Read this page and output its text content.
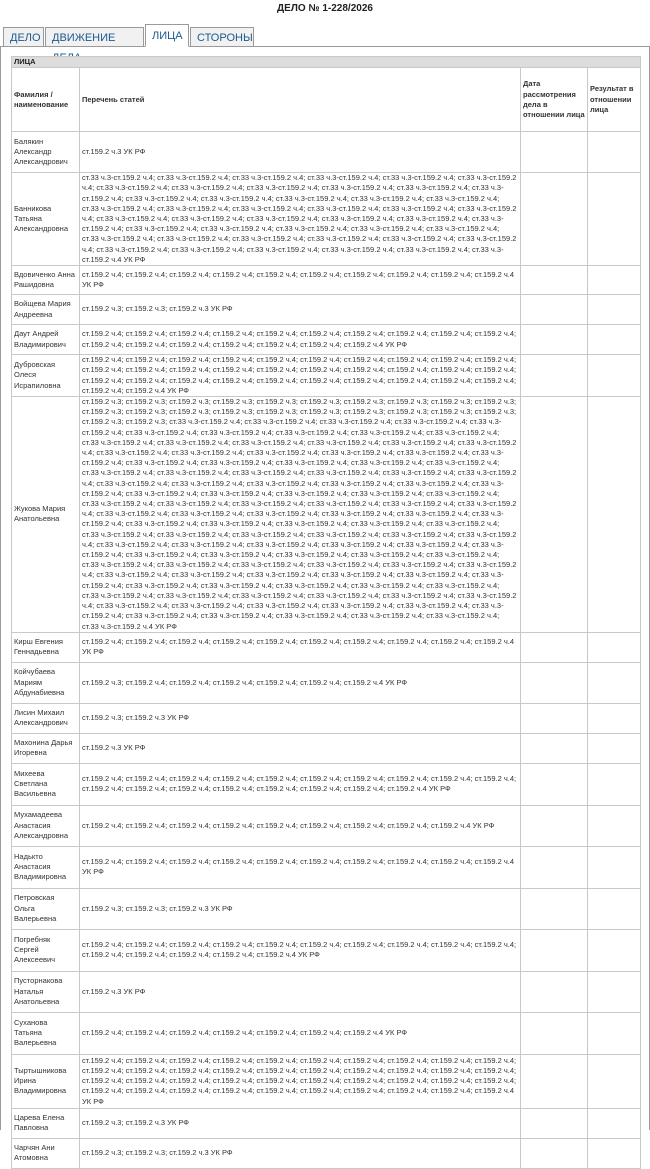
ДЕЛО № 1-228/2026
ДЕЛО	ДВИЖЕНИЕ	ЛИЦА	СТОРОНЫ
ЛИЦА			
Фамилия / наименование	Перечень статей	Дата рассмотрения дела в отношении лица	Результат в отношении лица
Балякин Александр Александрович	ст.159.2 ч.3 УК РФ		
Банникова Татьяна Александровна	ст.33 ч.3-ст.159.2 ч.4; ст.33 ч.3-ст.159.2 ч.4; ст.33 ч.3-ст.159.2 ч.4; ст.33 ч.3-ст.159.2 ч.4; ст.33 ч.3-ст.159.2 ч.4; ст.33 ч.3-ст.159.2 ч.4; ст.33 ч.3-ст.159.2 ч.4; ст.33 ч.3-ст.159.2 ч.4; ст.33 ч.3-ст.159.2 ч.4; ст.33 ч.3-ст.159.2 ч.4; ст.33 ч.3-ст.159.2 ч.4; ст.33 ч.3-ст.159.2 ч.4; ст.33 ч.3-ст.159.2 ч.4; ст.33 ч.3-ст.159.2 ч.4; ст.33 ч.3-ст.159.2 ч.4; ст.33 ч.3-ст.159.2 ч.4; ст.33 ч.3-ст.159.2 ч.4; ст.33 ч.3-ст.159.2 ч.4; ст.33 ч.3-ст.159.2 ч.4; ст.33 ч.3-ст.159.2 ч.4; ст.33 ч.3-ст.159.2 ч.4; ст.33 ч.3-ст.159.2 ч.4; ст.33 ч.3-ст.159.2 ч.4; ст.33 ч.3-ст.159.2 ч.4; ст.33 ч.3-ст.159.2 ч.4; ст.33 ч.3-ст.159.2 ч.4; ст.33 ч.3-ст.159.2 ч.4; ст.33 ч.3-ст.159.2 ч.4; ст.33 ч.3-ст.159.2 ч.4; ст.33 ч.3-ст.159.2 ч.4; ст.33 ч.3-ст.159.2 ч.4; ст.33 ч.3-ст.159.2 ч.4; ст.33 ч.3-ст.159.2 ч.4; ст.33 ч.3-ст.159.2 ч.4; ст.33 ч.3-ст.159.2 ч.4; ст.33 ч.3-ст.159.2 ч.4; ст.33 ч.3-ст.159.2 ч.4; ст.33 ч.3-ст.159.2 ч.4; ст.33 ч.3-ст.159.2 ч.4; ст.33 ч.3-ст.159.2 ч.4; ст.33 ч.3-ст.159.2 ч.4; ст.33 ч.3-ст.159.2 ч.4; ст.33 ч.3-ст.159.2 ч.4; ст.33 ч.3-ст.159.2 ч.4; ст.33 ч.3-ст.159.2 ч.4; ст.33 ч.3-ст.159.2 ч.4 УК РФ		
Вдовиченко Анна Рашидовна	ст.159.2 ч.4; ст.159.2 ч.4; ст.159.2 ч.4; ст.159.2 ч.4; ст.159.2 ч.4; ст.159.2 ч.4; ст.159.2 ч.4; ст.159.2 ч.4; ст.159.2 ч.4; ст.159.2 ч.4 УК РФ		
Войщева Мария Андреевна	ст.159.2 ч.3; ст.159.2 ч.3; ст.159.2 ч.3 УК РФ		
Даут Андрей Владимирович	ст.159.2 ч.4; ст.159.2 ч.4; ст.159.2 ч.4; ст.159.2 ч.4; ст.159.2 ч.4; ст.159.2 ч.4; ст.159.2 ч.4; ст.159.2 ч.4; ст.159.2 ч.4; ст.159.2 ч.4; ст.159.2 ч.4; ст.159.2 ч.4; ст.159.2 ч.4; ст.159.2 ч.4; ст.159.2 ч.4; ст.159.2 ч.4; ст.159.2 ч.4 УК РФ		
Дубровская Олеся Исрапиловна	ст.159.2 ч.4; ст.159.2 ч.4; ст.159.2 ч.4; ст.159.2 ч.4; ст.159.2 ч.4; ст.159.2 ч.4; ст.159.2 ч.4; ст.159.2 ч.4; ст.159.2 ч.4; ст.159.2 ч.4; ст.159.2 ч.4; ст.159.2 ч.4; ст.159.2 ч.4; ст.159.2 ч.4; ст.159.2 ч.4; ст.159.2 ч.4; ст.159.2 ч.4; ст.159.2 ч.4; ст.159.2 ч.4; ст.159.2 ч.4; ст.159.2 ч.4; ст.159.2 ч.4; ст.159.2 ч.4; ст.159.2 ч.4; ст.159.2 ч.4; ст.159.2 ч.4; ст.159.2 ч.4; ст.159.2 ч.4; ст.159.2 ч.4; ст.159.2 ч.4; ст.159.2 ч.4; ст.159.2 ч.4 УК РФ		
Жукова Мария Анатольевна	ст.159.2 ч.3; ст.159.2 ч.3; ст.159.2 ч.3; ст.159.2 ч.3; ст.159.2 ч.3; ст.159.2 ч.3; ст.159.2 ч.3; ст.159.2 ч.3; ст.159.2 ч.3; ст.159.2 ч.3; ст.159.2 ч.3; ст.159.2 ч.3; ст.159.2 ч.3; ст.159.2 ч.3; ст.159.2 ч.3; ст.159.2 ч.3; ст.159.2 ч.3; ст.159.2 ч.3; ст.159.2 ч.3; ст.159.2 ч.3; ст.159.2 ч.3; ст.159.2 ч.3; ст.33 ч.3-ст.159.2 ч.4; ст.33 ч.3-ст.159.2 ч.4; ст.33 ч.3-ст.159.2 ч.4; ст.33 ч.3-ст.159.2 ч.4; ст.33 ч.3-ст.159.2 ч.4; ст.33 ч.3-ст.159.2 ч.4; ст.33 ч.3-ст.159.2 ч.4; ст.33 ч.3-ст.159.2 ч.4; ст.33 ч.3-ст.159.2 ч.4; ст.33 ч.3-ст.159.2 ч.4; ст.33 ч.3-ст.159.2 ч.4; ст.33 ч.3-ст.159.2 ч.4; ст.33 ч.3-ст.159.2 ч.4; ст.33 ч.3-ст.159.2 ч.4; ст.33 ч.3-ст.159.2 ч.4; ст.33 ч.3-ст.159.2 ч.4; ст.33 ч.3-ст.159.2 ч.4; ст.33 ч.3-ст.159.2 ч.4; ст.33 ч.3-ст.159.2 ч.4; ст.33 ч.3-ст.159.2 ч.4; ст.33 ч.3-ст.159.2 ч.4; ст.33 ч.3-ст.159.2 ч.4; ст.33 ч.3-ст.159.2 ч.4; ст.33 ч.3-ст.159.2 ч.4; ст.33 ч.3-ст.159.2 ч.4; ст.33 ч.3-ст.159.2 ч.4; ст.33 ч.3-ст.159.2 ч.4; ст.33 ч.3-ст.159.2 ч.4; ст.33 ч.3-ст.159.2 ч.4; ст.33 ч.3-ст.159.2 ч.4; ст.33 ч.3-ст.159.2 ч.4; ст.33 ч.3-ст.159.2 ч.4; ст.33 ч.3-ст.159.2 ч.4; ст.33 ч.3-ст.159.2 ч.4; ст.33 ч.3-ст.159.2 ч.4; ст.33 ч.3-ст.159.2 ч.4; ст.33 ч.3-ст.159.2 ч.4; ст.33 ч.3-ст.159.2 ч.4; ст.33 ч.3-ст.159.2 ч.4; ст.33 ч.3-ст.159.2 ч.4; ст.33 ч.3-ст.159.2 ч.4; ст.33 ч.3-ст.159.2 ч.4; ст.33 ч.3-ст.159.2 ч.4; ст.33 ч.3-ст.159.2 ч.4; ст.33 ч.3-ст.159.2 ч.4; ст.33 ч.3-ст.159.2 ч.4; ст.33 ч.3-ст.159.2 ч.4; ст.33 ч.3-ст.159.2 ч.4; ст.33 ч.3-ст.159.2 ч.4; ст.33 ч.3-ст.159.2 ч.4; ст.33 ч.3-ст.159.2 ч.4; ст.33 ч.3-ст.159.2 ч.4; ст.33 ч.3-ст.159.2 ч.4; ст.33 ч.3-ст.159.2 ч.4; ст.33 ч.3-ст.159.2 ч.4; ст.33 ч.3-ст.159.2 ч.4; ст.33 ч.3-ст.159.2 ч.4; ст.33 ч.3-ст.159.2 ч.4; ст.33 ч.3-ст.159.2 ч.4; ст.33 ч.3-ст.159.2 ч.4; ст.33 ч.3-ст.159.2 ч.4; ст.33 ч.3-ст.159.2 ч.4; ст.33 ч.3-ст.159.2 ч.4; ст.33 ч.3-ст.159.2 ч.4; ст.33 ч.3-ст.159.2 ч.4; ст.33 ч.3-ст.159.2 ч.4; ст.33 ч.3-ст.159.2 ч.4; ст.33 ч.3-ст.159.2 ч.4; ст.33 ч.3-ст.159.2 ч.4; ст.33 ч.3-ст.159.2 ч.4; ст.33 ч.3-ст.159.2 ч.4; ст.33 ч.3-ст.159.2 ч.4; ст.33 ч.3-ст.159.2 ч.4; ст.33 ч.3-ст.159.2 ч.4; ст.33 ч.3-ст.159.2 ч.4; ст.33 ч.3-ст.159.2 ч.4; ст.33 ч.3-ст.159.2 ч.4; ст.33 ч.3-ст.159.2 ч.4; ст.33 ч.3-ст.159.2 ч.4; ст.33 ч.3-ст.159.2 ч.4; ст.33 ч.3-ст.159.2 ч.4; ст.33 ч.3-ст.159.2 ч.4; ст.33 ч.3-ст.159.2 ч.4; ст.33 ч.3-ст.159.2 ч.4; ст.33 ч.3-ст.159.2 ч.4; ст.33 ч.3-ст.159.2 ч.4; ст.33 ч.3-ст.159.2 ч.4; ст.33 ч.3-ст.159.2 ч.4; ст.33 ч.3-ст.159.2 ч.4; ст.33 ч.3-ст.159.2 ч.4; ст.33 ч.3-ст.159.2 ч.4; ст.33 ч.3-ст.159.2 ч.4; ст.33 ч.3-ст.159.2 ч.4; ст.33 ч.3-ст.159.2 ч.4; ст.33 ч.3-ст.159.2 ч.4; ст.33 ч.3-ст.159.2 ч.4; ст.33 ч.3-ст.159.2 ч.4; ст.33 ч.3-ст.159.2 ч.4; ст.33 ч.3-ст.159.2 ч.4; ст.33 ч.3-ст.159.2 ч.4; ст.33 ч.3-ст.159.2 ч.4; ст.33 ч.3-ст.159.2 ч.4; ст.33 ч.3-ст.159.2 ч.4; ст.33 ч.3-ст.159.2 ч.4; ст.33 ч.3-ст.159.2 ч.4; ст.33 ч.3-ст.159.2 ч.4; ст.33 ч.3-ст.159.2 ч.4; ст.33 ч.3-ст.159.2 ч.4; ст.33 ч.3-ст.159.2 ч.4; ст.33 ч.3-ст.159.2 ч.4; ст.33 ч.3-ст.159.2 ч.4; ст.33 ч.3-ст.159.2 ч.4; ст.33 ч.3-ст.159.2 ч.4 УК РФ		
Кирш Евгения Геннадьевна	ст.159.2 ч.4; ст.159.2 ч.4; ст.159.2 ч.4; ст.159.2 ч.4; ст.159.2 ч.4; ст.159.2 ч.4; ст.159.2 ч.4; ст.159.2 ч.4; ст.159.2 ч.4; ст.159.2 ч.4 УК РФ		
Койчубаева Мариям Абдунабиевна	ст.159.2 ч.3; ст.159.2 ч.4; ст.159.2 ч.4; ст.159.2 ч.4; ст.159.2 ч.4; ст.159.2 ч.4; ст.159.2 ч.4 УК РФ		
Лисин Михаил Александрович	ст.159.2 ч.3; ст.159.2 ч.3 УК РФ		
Махонина Дарья Игоревна	ст.159.2 ч.3 УК РФ		
Михеева Светлана Васильевна	ст.159.2 ч.4; ст.159.2 ч.4; ст.159.2 ч.4; ст.159.2 ч.4; ст.159.2 ч.4; ст.159.2 ч.4; ст.159.2 ч.4; ст.159.2 ч.4; ст.159.2 ч.4; ст.159.2 ч.4; ст.159.2 ч.4; ст.159.2 ч.4; ст.159.2 ч.4; ст.159.2 ч.4; ст.159.2 ч.4; ст.159.2 ч.4; ст.159.2 ч.4; ст.159.2 ч.4 УК РФ		
Мухамадеева Анастасия Александровна	ст.159.2 ч.4; ст.159.2 ч.4; ст.159.2 ч.4; ст.159.2 ч.4; ст.159.2 ч.4; ст.159.2 ч.4; ст.159.2 ч.4; ст.159.2 ч.4; ст.159.2 ч.4 УК РФ		
Надькто Анастасия Владимировна	ст.159.2 ч.4; ст.159.2 ч.4; ст.159.2 ч.4; ст.159.2 ч.4; ст.159.2 ч.4; ст.159.2 ч.4; ст.159.2 ч.4; ст.159.2 ч.4; ст.159.2 ч.4; ст.159.2 ч.4 УК РФ		
Петровская Ольга Валерьевна	ст.159.2 ч.3; ст.159.2 ч.3; ст.159.2 ч.3 УК РФ		
Погребняк Сергей Алексеевич	ст.159.2 ч.4; ст.159.2 ч.4; ст.159.2 ч.4; ст.159.2 ч.4; ст.159.2 ч.4; ст.159.2 ч.4; ст.159.2 ч.4; ст.159.2 ч.4; ст.159.2 ч.4; ст.159.2 ч.4; ст.159.2 ч.4; ст.159.2 ч.4; ст.159.2 ч.4; ст.159.2 ч.4; ст.159.2 ч.4 УК РФ		
Пусторнакова Наталья Анатольевна	ст.159.2 ч.3 УК РФ		
Суханова Татьяна Валерьевна	ст.159.2 ч.4; ст.159.2 ч.4; ст.159.2 ч.4; ст.159.2 ч.4; ст.159.2 ч.4; ст.159.2 ч.4; ст.159.2 ч.4 УК РФ		
Тыртышникова Ирина Владимировна	ст.159.2 ч.4; ст.159.2 ч.4; ст.159.2 ч.4; ст.159.2 ч.4; ст.159.2 ч.4; ст.159.2 ч.4; ст.159.2 ч.4; ст.159.2 ч.4; ст.159.2 ч.4; ст.159.2 ч.4; ст.159.2 ч.4; ст.159.2 ч.4; ст.159.2 ч.4; ст.159.2 ч.4; ст.159.2 ч.4; ст.159.2 ч.4; ст.159.2 ч.4; ст.159.2 ч.4; ст.159.2 ч.4; ст.159.2 ч.4; ст.159.2 ч.4; ст.159.2 ч.4; ст.159.2 ч.4; ст.159.2 ч.4; ст.159.2 ч.4; ст.159.2 ч.4; ст.159.2 ч.4; ст.159.2 ч.4; ст.159.2 ч.4; ст.159.2 ч.4; ст.159.2 ч.4; ст.159.2 ч.4; ст.159.2 ч.4; ст.159.2 ч.4; ст.159.2 ч.4; ст.159.2 ч.4; ст.159.2 ч.4; ст.159.2 ч.4; ст.159.2 ч.4; ст.159.2 ч.4 УК РФ		
Царева Елена Павловна	ст.159.2 ч.3; ст.159.2 ч.3 УК РФ		
Чарчян Ани Атомовна	ст.159.2 ч.3; ст.159.2 ч.3; ст.159.2 ч.3 УК РФ		
